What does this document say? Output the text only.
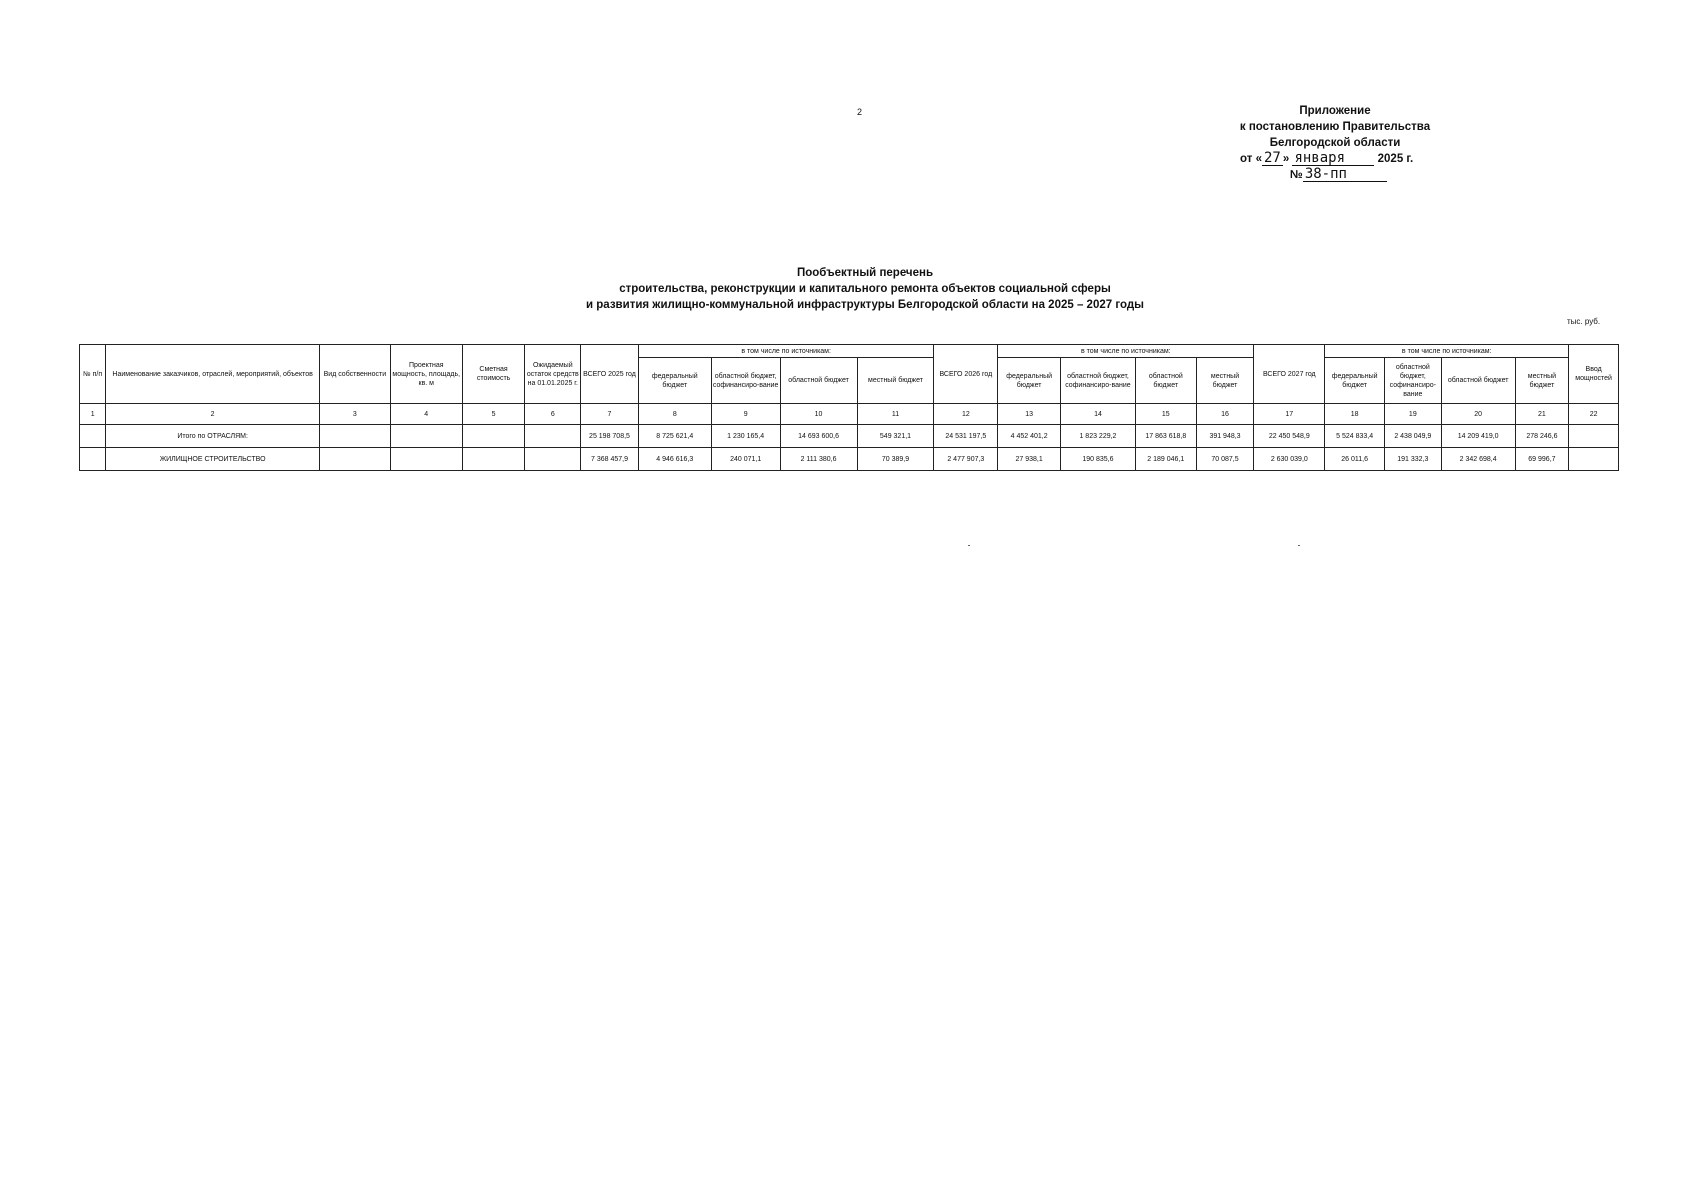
2	Приложение
к постановлению Правительства
Белгородской области
от « 27 » января	2025 г.
№ 38-пп
Пообъектный перечень
строительства, реконструкции и капитального ремонта объектов социальной сферы
и развития жилищно-коммунальной инфраструктуры Белгородской области на 2025 – 2027 годы
тыс. руб.
№ п/п	Наименование заказчиков, отраслей, мероприятий, объектов	Вид собственности	Проектная мощность, площадь, кв. м	Сметная стоимость	Ожидаемый остаток средств на 01.01.2025 г.	ВСЕГО 2025 год	в том числе по источникам:				ВСЕГО 2026 год	в том числе по источникам:				ВСЕГО 2027 год	в том числе по источникам:				Ввод мощностей
							федеральный бюджет	областной бюджет, софинансиро-вание	областной бюджет	местный бюджет		федеральный бюджет	областной бюджет, софинансиро-вание	областной бюджет	местный бюджет		федеральный бюджет	областной бюджет, софинансиро-вание	областной бюджет	местный бюджет	
1	2	3	4	5	6	7	8	9	10	11	12	13	14	15	16	17	18	19	20	21	22
	Итого по ОТРАСЛЯМ:					25 198 708,5	8 725 621,4	1 230 165,4	14 693 600,6	549 321,1	24 531 197,5	4 452 401,2	1 823 229,2	17 863 618,8	391 948,3	22 450 548,9	5 524 833,4	2 438 049,9	14 209 419,0	278 246,6	
	ЖИЛИЩНОЕ СТРОИТЕЛЬСТВО					7 368 457,9	4 946 616,3	240 071,1	2 111 380,6	70 389,9	2 477 907,3	27 938,1	190 835,6	2 189 046,1	70 087,5	2 630 039,0	26 011,6	191 332,3	2 342 698,4	69 996,7	
